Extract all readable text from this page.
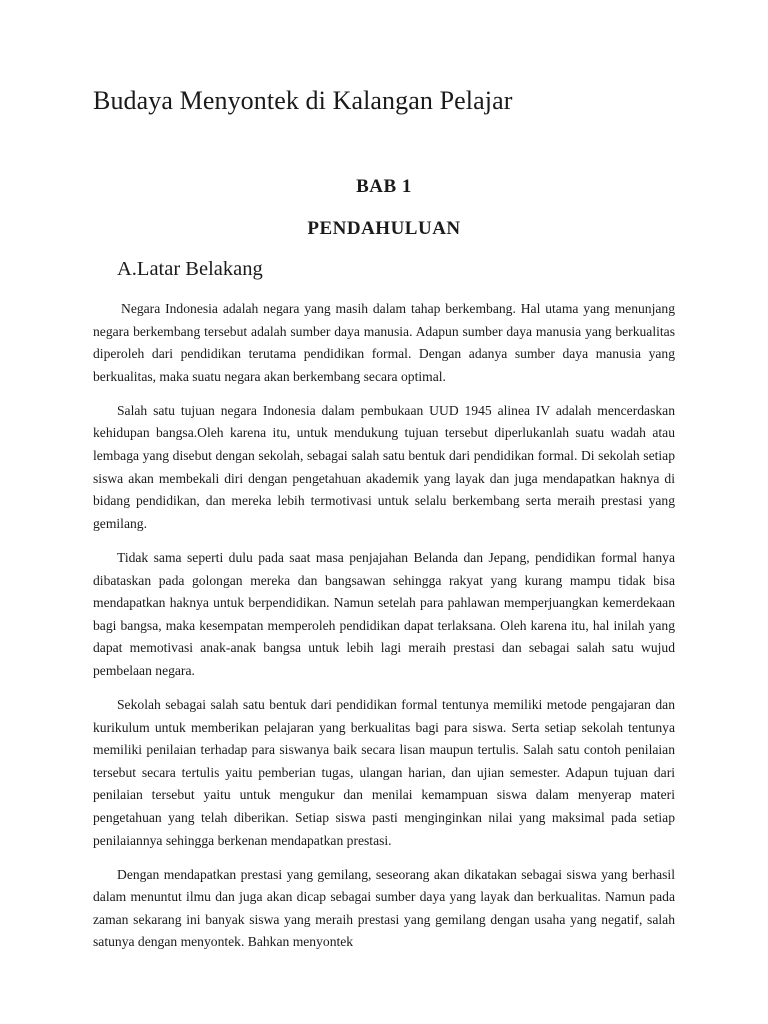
Budaya Menyontek di Kalangan Pelajar
BAB 1
PENDAHULUAN
A.Latar Belakang

Negara Indonesia adalah negara yang masih dalam tahap berkembang. Hal utama yang menunjang negara berkembang tersebut adalah sumber daya manusia. Adapun sumber daya manusia yang berkualitas diperoleh dari pendidikan terutama pendidikan formal. Dengan adanya sumber daya manusia yang berkualitas, maka suatu negara akan berkembang secara optimal.

Salah satu tujuan negara Indonesia dalam pembukaan UUD 1945 alinea IV adalah mencerdaskan kehidupan bangsa.Oleh karena itu, untuk mendukung tujuan tersebut diperlukanlah suatu wadah atau lembaga yang disebut dengan sekolah, sebagai salah satu bentuk dari pendidikan formal. Di sekolah setiap siswa akan membekali diri dengan pengetahuan akademik yang layak dan juga mendapatkan haknya di bidang pendidikan, dan mereka lebih termotivasi untuk selalu berkembang serta meraih prestasi yang gemilang.

Tidak sama seperti dulu pada saat masa penjajahan Belanda dan Jepang, pendidikan formal hanya dibataskan pada golongan mereka dan bangsawan sehingga rakyat yang kurang mampu tidak bisa mendapatkan haknya untuk berpendidikan. Namun setelah para pahlawan memperjuangkan kemerdekaan bagi bangsa, maka kesempatan memperoleh pendidikan dapat terlaksana. Oleh karena itu, hal inilah yang dapat memotivasi anak-anak bangsa untuk lebih lagi meraih prestasi dan sebagai salah satu wujud pembelaan negara.

Sekolah sebagai salah satu bentuk dari pendidikan formal tentunya memiliki metode pengajaran dan kurikulum untuk memberikan pelajaran yang berkualitas bagi para siswa. Serta setiap sekolah tentunya memiliki penilaian terhadap para siswanya baik secara lisan maupun tertulis. Salah satu contoh penilaian tersebut secara tertulis yaitu pemberian tugas, ulangan harian, dan ujian semester. Adapun tujuan dari penilaian tersebut yaitu untuk mengukur dan menilai kemampuan siswa dalam menyerap materi pengetahuan yang telah diberikan. Setiap siswa pasti menginginkan nilai yang maksimal pada setiap penilaiannya sehingga berkenan mendapatkan prestasi.

Dengan mendapatkan prestasi yang gemilang, seseorang akan dikatakan sebagai siswa yang berhasil dalam menuntut ilmu dan juga akan dicap sebagai sumber daya yang layak dan berkualitas. Namun pada zaman sekarang ini banyak siswa yang meraih prestasi yang gemilang dengan usaha yang negatif, salah satunya dengan menyontek. Bahkan menyontek
